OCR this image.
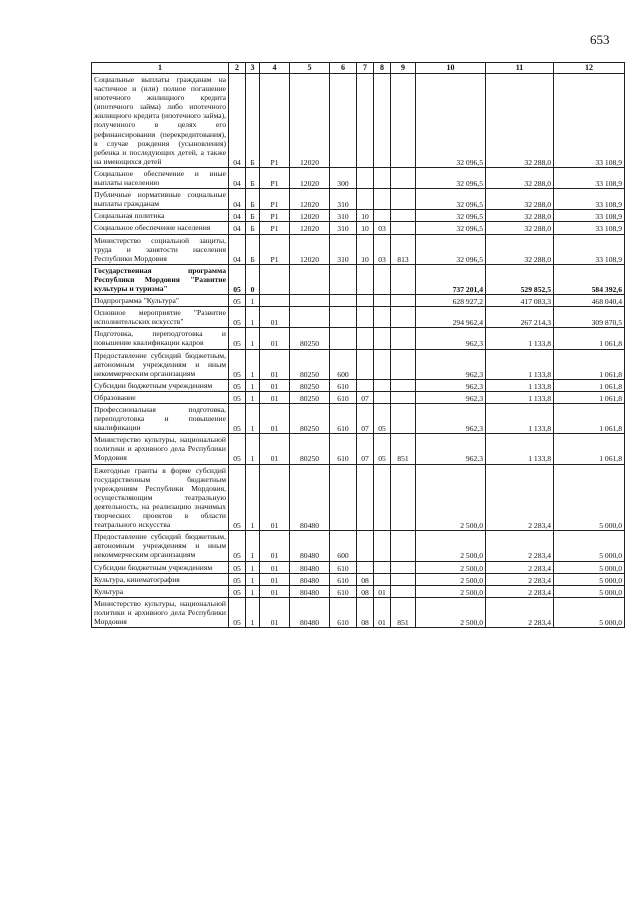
653
1	2	3	4	5	6	7	8	9	10	11	12
Социальные выплаты гражданам на частичное и (или) полное погашение ипотечного жилищного кредита (ипотечного займа) либо ипотечного жилищного кредита (ипотечного займа), полученного в целях его рефинансирования (перекредитования), в случае рождения (усыновления) ребенка и последующих детей, а также на имеющихся детей	04	Б	Р1	12020					32 096,5	32 288,0	33 108,9
Социальное обеспечение и иные выплаты населению	04	Б	Р1	12020	300				32 096,5	32 288,0	33 108,9
Публичные нормативные социальные выплаты гражданам	04	Б	Р1	12020	310				32 096,5	32 288,0	33 108,9
Социальная политика	04	Б	Р1	12020	310	10			32 096,5	32 288,0	33 108,9
Социальное обеспечение населения	04	Б	Р1	12020	310	10	03		32 096,5	32 288,0	33 108,9
Министерство социальной защиты, труда и занятости населения Республики Мордовия	04	Б	Р1	12020	310	10	03	813	32 096,5	32 288,0	33 108,9
Государственная программа Республики Мордовия "Развитие культуры и туризма"	05	0							737 201,4	529 852,5	584 392,6
Подпрограмма "Культура"	05	1							628 927,2	417 083,3	468 040,4
Основное мероприятие "Развитие исполнительских искусств"	05	1	01						294 962,4	267 214,3	309 870,5
Подготовка, переподготовка и повышение квалификации кадров	05	1	01	80250					962,3	1 133,8	1 061,8
Предоставление субсидий бюджетным, автономным учреждениям и иным некоммерческим организациям	05	1	01	80250	600				962,3	1 133,8	1 061,8
Субсидии бюджетным учреждениям	05	1	01	80250	610				962,3	1 133,8	1 061,8
Образование	05	1	01	80250	610	07			962,3	1 133,8	1 061,8
Профессиональная подготовка, переподготовка и повышение квалификации	05	1	01	80250	610	07	05		962,3	1 133,8	1 061,8
Министерство культуры, национальной политики и архивного дела Республики Мордовия	05	1	01	80250	610	07	05	851	962,3	1 133,8	1 061,8
Ежегодные гранты в форме субсидий государственным бюджетным учреждениям Республики Мордовия, осуществляющим театральную деятельность, на реализацию значимых творческих проектов в области театрального искусства	05	1	01	80480					2 500,0	2 283,4	5 000,0
Предоставление субсидий бюджетным, автономным учреждениям и иным некоммерческим организациям	05	1	01	80480	600				2 500,0	2 283,4	5 000,0
Субсидии бюджетным учреждениям	05	1	01	80480	610				2 500,0	2 283,4	5 000,0
Культура, кинематография	05	1	01	80480	610	08			2 500,0	2 283,4	5 000,0
Культура	05	1	01	80480	610	08	01		2 500,0	2 283,4	5 000,0
Министерство культуры, национальной политики и архивного дела Республики Мордовия	05	1	01	80480	610	08	01	851	2 500,0	2 283,4	5 000,0
